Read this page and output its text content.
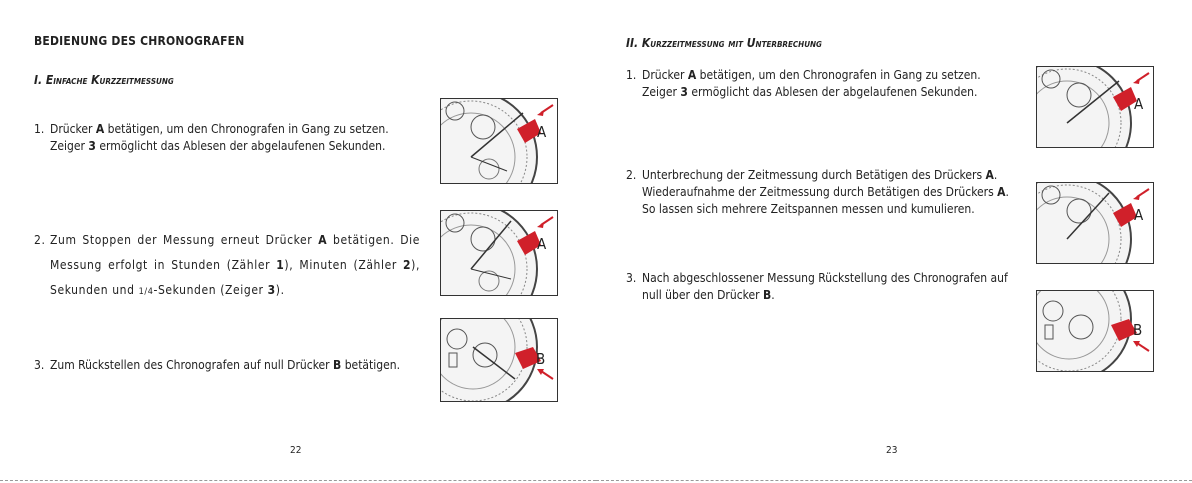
BEDIENUNG DES CHRONOGRAFEN
I. Einfache Kurzzeitmessung
1. Drücker A betätigen, um den Chronografen in Gang zu setzen. Zeiger 3 ermöglicht das Ablesen der abgelaufenen Sekunden.
2. Zum Stoppen der Messung erneut Drücker A betätigen. Die Messung erfolgt in Stunden (Zähler 1), Minuten (Zähler 2), Sekunden und 1/4-Sekunden (Zeiger 3).
3. Zum Rückstellen des Chronografen auf null Drücker B betätigen.
A
A
B
22
II. Kurzzeitmessung mit Unterbrechung
1. Drücker A betätigen, um den Chronografen in Gang zu setzen. Zeiger 3 ermöglicht das Ablesen der abgelaufenen Sekunden.
2. Unterbrechung der Zeitmessung durch Betätigen des Drückers A. Wiederaufnahme der Zeitmessung durch Betätigen des Drückers A. So lassen sich mehrere Zeitspannen messen und kumulieren.
3. Nach abgeschlossener Messung Rückstellung des Chronografen auf null über den Drücker B.
A
A
B
23
